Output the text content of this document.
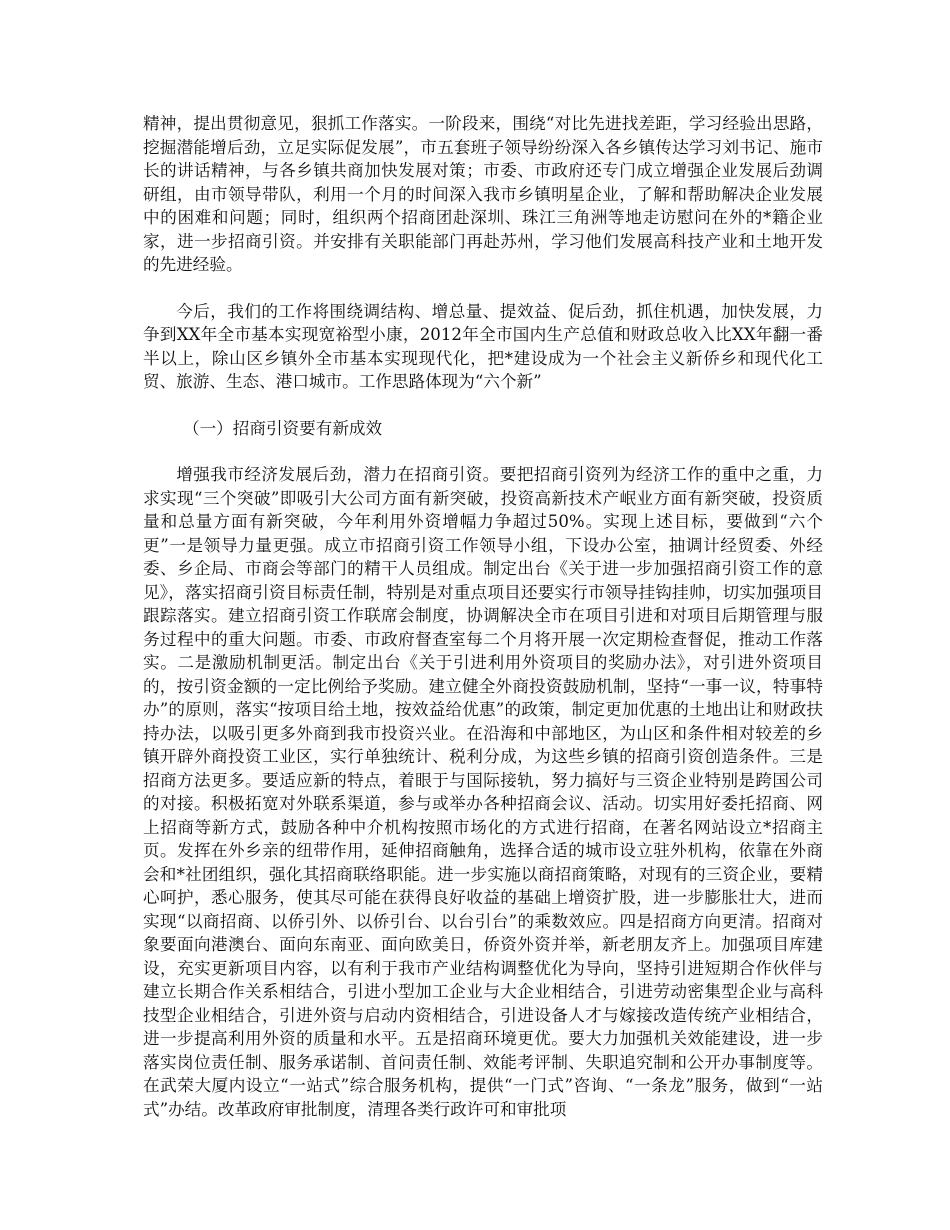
精神，提出贯彻意见，狠抓工作落实。一阶段来，围绕“对比先进找差距，学习经验出思路，挖掘潜能增后劲，立足实际促发展”，市五套班子领导纷纷深入各乡镇传达学习刘书记、施市长的讲话精神，与各乡镇共商加快发展对策；市委、市政府还专门成立增强企业发展后劲调研组，由市领导带队，利用一个月的时间深入我市乡镇明星企业，了解和帮助解决企业发展中的困难和问题；同时，组织两个招商团赴深圳、珠江三角洲等地走访慰问在外的*籍企业家，进一步招商引资。并安排有关职能部门再赴苏州，学习他们发展高科技产业和土地开发的先进经验。

今后，我们的工作将围绕调结构、增总量、提效益、促后劲，抓住机遇，加快发展，力争到XX年全市基本实现宽裕型小康，2012年全市国内生产总值和财政总收入比XX年翻一番半以上，除山区乡镇外全市基本实现现代化，把*建设成为一个社会主义新侨乡和现代化工贸、旅游、生态、港口城市。工作思路体现为“六个新”

（一）招商引资要有新成效

增强我市经济发展后劲，潜力在招商引资。要把招商引资列为经济工作的重中之重，力求实现“三个突破”即吸引大公司方面有新突破，投资高新技术产岷业方面有新突破，投资质量和总量方面有新突破，今年利用外资增幅力争超过50%。实现上述目标，要做到“六个更”一是领导力量更强。成立市招商引资工作领导小组，下设办公室，抽调计经贸委、外经委、乡企局、市商会等部门的精干人员组成。制定出台《关于进一步加强招商引资工作的意见》，落实招商引资目标责任制，特别是对重点项目还要实行市领导挂钩挂帅，切实加强项目跟踪落实。建立招商引资工作联席会制度，协调解决全市在项目引进和对项目后期管理与服务过程中的重大问题。市委、市政府督查室每二个月将开展一次定期检查督促，推动工作落实。二是激励机制更活。制定出台《关于引进利用外资项目的奖励办法》，对引进外资项目的，按引资金额的一定比例给予奖励。建立健全外商投资鼓励机制，坚持“一事一议，特事特办”的原则，落实“按项目给土地，按效益给优惠”的政策，制定更加优惠的土地出让和财政扶持办法，以吸引更多外商到我市投资兴业。在沿海和中部地区，为山区和条件相对较差的乡镇开辟外商投资工业区，实行单独统计、税利分成，为这些乡镇的招商引资创造条件。三是招商方法更多。要适应新的特点，着眼于与国际接轨，努力搞好与三资企业特别是跨国公司的对接。积极拓宽对外联系渠道，参与或举办各种招商会议、活动。切实用好委托招商、网上招商等新方式，鼓励各种中介机构按照市场化的方式进行招商，在著名网站设立*招商主页。发挥在外乡亲的纽带作用，延伸招商触角，选择合适的城市设立驻外机构，依靠在外商会和*社团组织，强化其招商联络职能。进一步实施以商招商策略，对现有的三资企业，要精心呵护，悉心服务，使其尽可能在获得良好收益的基础上增资扩股，进一步膨胀壮大，进而实现“以商招商、以侨引外、以侨引台、以台引台”的乘数效应。四是招商方向更清。招商对象要面向港澳台、面向东南亚、面向欧美日，侨资外资并举，新老朋友齐上。加强项目库建设，充实更新项目内容，以有利于我市产业结构调整优化为导向，坚持引进短期合作伙伴与建立长期合作关系相结合，引进小型加工企业与大企业相结合，引进劳动密集型企业与高科技型企业相结合，引进外资与启动内资相结合，引进设备人才与嫁接改造传统产业相结合，进一步提高利用外资的质量和水平。五是招商环境更优。要大力加强机关效能建设，进一步落实岗位责任制、服务承诺制、首问责任制、效能考评制、失职追究制和公开办事制度等。在武荣大厦内设立“一站式”综合服务机构，提供“一门式”咨询、“一条龙”服务，做到“一站式”办结。改革政府审批制度，清理各类行政许可和审批项
